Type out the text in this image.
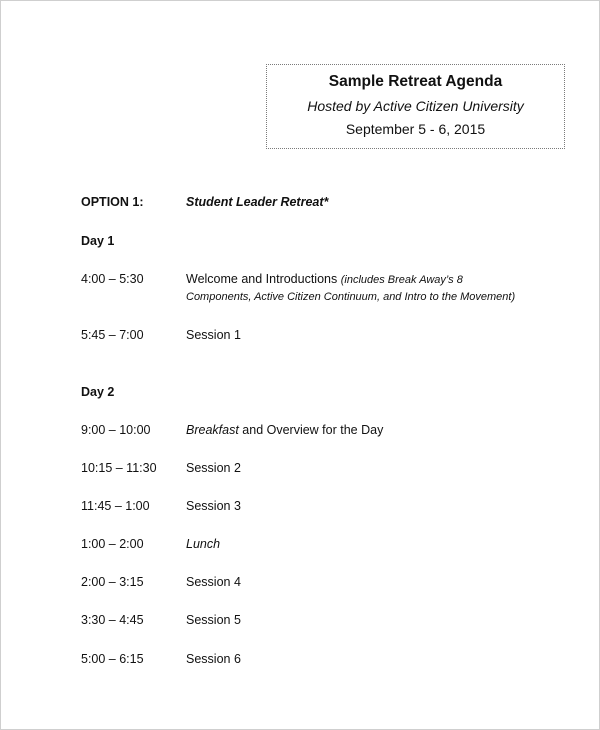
Sample Retreat Agenda
Hosted by Active Citizen University
September 5 - 6, 2015
OPTION 1:	Student Leader Retreat*
Day 1
4:00 – 5:30	Welcome and Introductions (includes Break Away’s 8
Components, Active Citizen Continuum, and Intro to the Movement)
5:45 – 7:00	Session 1
Day 2
9:00 – 10:00	Breakfast and Overview for the Day
10:15 – 11:30 Session 2
11:45 – 1:00	Session 3
1:00 – 2:00	Lunch
2:00 – 3:15	Session 4
3:30 – 4:45	Session 5
5:00 – 6:15	Session 6
